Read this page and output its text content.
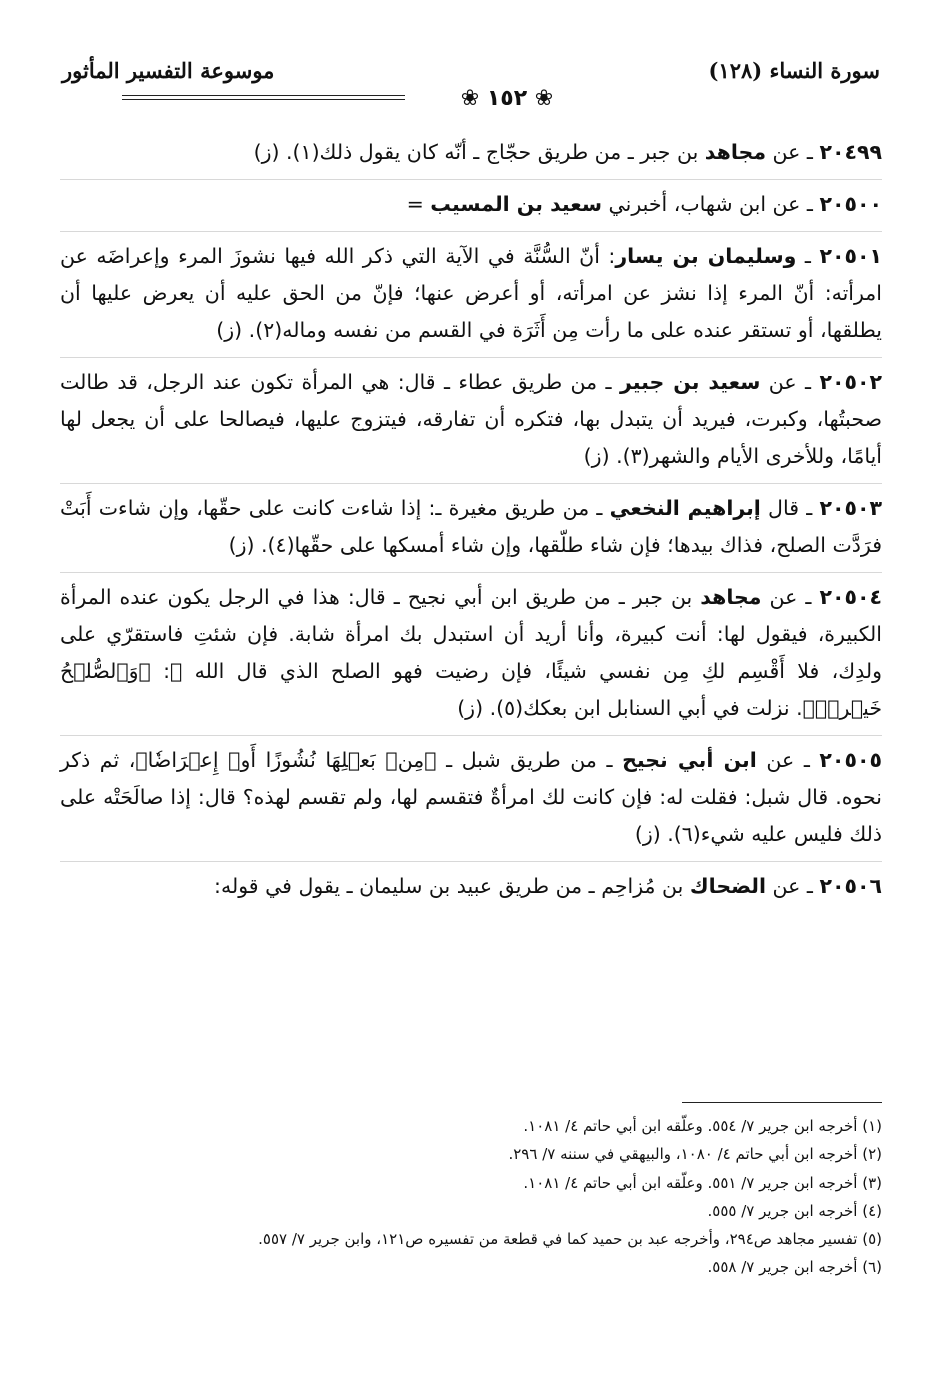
سورة النساء (١٢٨)
موسوعة التفسير المأثور
❀ ١٥٢ ❀

٢٠٤٩٩ ـ عن مجاهد بن جبر ـ من طريق حجّاج ـ أنّه كان يقول ذلك(١). (ز)

٢٠٥٠٠ ـ عن ابن شهاب، أخبرني سعيد بن المسيب =

٢٠٥٠١ ـ وسليمان بن يسار: أنّ السُّنَّة في الآية التي ذكر الله فيها نشوزَ المرء وإعراضَه عن امرأته: أنّ المرء إذا نشز عن امرأته، أو أعرض عنها؛ فإنّ من الحق عليه أن يعرض عليها أن يطلقها، أو تستقر عنده على ما رأت مِن أَثَرَة في القسم من نفسه وماله(٢). (ز)

٢٠٥٠٢ ـ عن سعيد بن جبير ـ من طريق عطاء ـ قال: هي المرأة تكون عند الرجل، قد طالت صحبتُها، وكبرت، فيريد أن يتبدل بها، فتكره أن تفارقه، فيتزوج عليها، فيصالحا على أن يجعل لها أيامًا، وللأخرى الأيام والشهر(٣). (ز)

٢٠٥٠٣ ـ قال إبراهيم النخعي ـ من طريق مغيرة ـ: إذا شاءت كانت على حقّها، وإن شاءت أَبَتْ فرَدَّت الصلح، فذاك بيدها؛ فإن شاء طلّقها، وإن شاء أمسكها على حقّها(٤). (ز)

٢٠٥٠٤ ـ عن مجاهد بن جبر ـ من طريق ابن أبي نجيح ـ قال: هذا في الرجل يكون عنده المرأة الكبيرة، فيقول لها: أنت كبيرة، وأنا أريد أن استبدل بك امرأة شابة. فإن شئتِ فاستقرّي على ولدِك، فلا أَقْسِم لكِ مِن نفسي شيئًا، فإن رضيت فهو الصلح الذي قال الله ﷻ: ﴿وَٱلصُّلۡحُ خَيۡرٞۗ﴾. نزلت في أبي السنابل ابن بعكك(٥). (ز)

٢٠٥٠٥ ـ عن ابن أبي نجيح ـ من طريق شبل ـ ﴿مِنۢ بَعۡلِهَا نُشُوزًا أَوۡ إِعۡرَاضٗا﴾، ثم ذكر نحوه. قال شبل: فقلت له: فإن كانت لك امرأةٌ فتقسم لها، ولم تقسم لهذه؟ قال: إذا صالَحَتْه على ذلك فليس عليه شيء(٦). (ز)

٢٠٥٠٦ ـ عن الضحاك بن مُزاحِم ـ من طريق عبيد بن سليمان ـ يقول في قوله:

(١) أخرجه ابن جرير ٧/ ٥٥٤. وعلّقه ابن أبي حاتم ٤/ ١٠٨١.

(٢) أخرجه ابن أبي حاتم ٤/ ١٠٨٠، والبيهقي في سننه ٧/ ٢٩٦.

(٣) أخرجه ابن جرير ٧/ ٥٥١. وعلّقه ابن أبي حاتم ٤/ ١٠٨١.

(٤) أخرجه ابن جرير ٧/ ٥٥٥.

(٥) تفسير مجاهد ص٢٩٤، وأخرجه عبد بن حميد كما في قطعة من تفسيره ص١٢١، وابن جرير ٧/ ٥٥٧.

(٦) أخرجه ابن جرير ٧/ ٥٥٨.
